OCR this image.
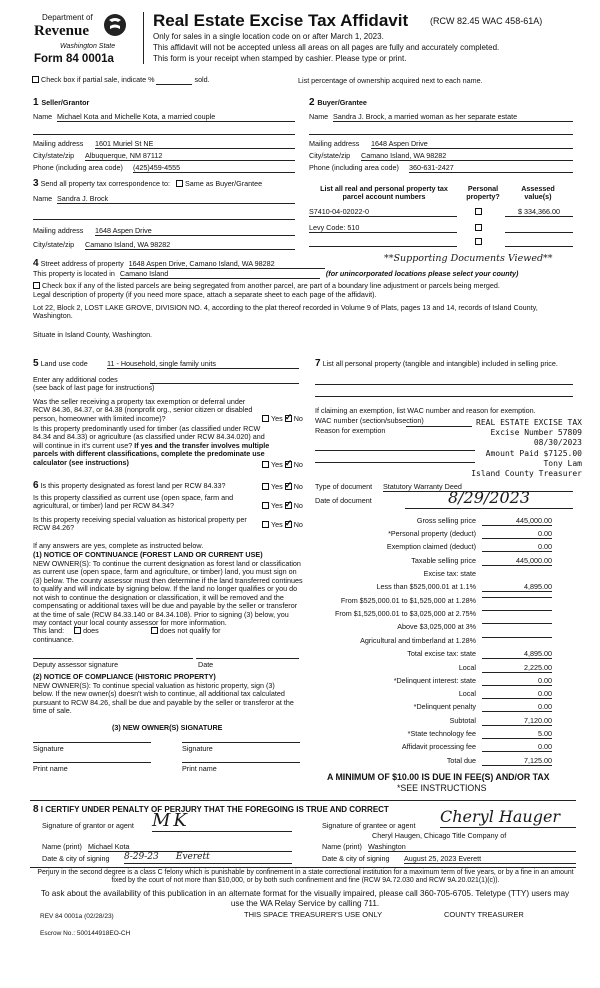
Department of
Revenue
Washington State
Form 84 0001a
Real Estate Excise Tax Affidavit (RCW 82.45 WAC 458-61A)
Only for sales in a single location code on or after March 1, 2023.
This affidavit will not be accepted unless all areas on all pages are fully and accurately completed.
This form is your receipt when stamped by cashier. Please type or print.
Check box if partial sale, indicate %	sold.	List percentage of ownership acquired next to each name.
1 Seller/Grantor
Name Michael Kota and Michelle Kota, a married couple
Mailing address 1601 Muriel St NE
City/state/zip Albuquerque, NM 87112
Phone (including area code) (425)459-4555
2 Buyer/Grantee
Name Sandra J. Brock, a married woman as her separate estate
Mailing address 1648 Aspen Drive
City/state/zip Camano Island, WA 98282
Phone (including area code) 360-631-2427
3 Send all property tax correspondence to: Same as Buyer/Grantee
Name Sandra J. Brock
Mailing address 1648 Aspen Drive
City/state/zip Camano Island, WA 98282
List all real and personal property tax parcel account numbers
Personal property?
Assessed value(s)
S7410-04-02022-0	$ 334,366.00
Levy Code: 510

**Supporting Documents Viewed**
4 Street address of property 1648 Aspen Drive, Camano Island, WA 98282
This property is located in Camano Island	(for unincorporated locations please select your county)
Check box if any of the listed parcels are being segregated from another parcel, are part of a boundary line adjustment or parcels being merged.
Legal description of property (if you need more space, attach a separate sheet to each page of the affidavit).
Lot 22, Block 2, LOST LAKE GROVE, DIVISION NO. 4, according to the plat thereof recorded in Volume 9 of Plats, pages 13 and 14, records of Island County, Washington.
Situate in Island County, Washington.
5 Land use code	11 - Household, single family units
Enter any additional codes
(see back of last page for instructions)
Was the seller receiving a property tax exemption or deferral under RCW 84.36, 84.37, or 84.38 (nonprofit org., senior citizen or disabled person, homeowner with limited income)?	Yes ✓ No
Is this property predominantly used for timber (as classified under RCW 84.34 and 84.33) or agriculture (as classified under RCW 84.34.020) and will continue in it's current use? If yes and the transfer involves multiple parcels with different classifications, complete the predominate use calculator (see instructions)	Yes ✓ No
6 Is this property designated as forest land per RCW 84.33?	Yes ✓ No
Is this property classified as current use (open space, farm and agricultural, or timber) land per RCW 84.34?	Yes ✓ No
Is this property receiving special valuation as historical property per RCW 84.26?	Yes ✓ No
If any answers are yes, complete as instructed below.
(1) NOTICE OF CONTINUANCE (FOREST LAND OR CURRENT USE)
NEW OWNER(S): To continue the current designation as forest land or classification as current use (open space, farm and agriculture, or timber) land, you must sign on (3) below. The county assessor must then determine if the land transferred continues to qualify and will indicate by signing below. If the land no longer qualifies or you do not wish to continue the designation or classification, it will be removed and the compensating or additional taxes will be due and payable by the seller or transferor at the time of sale (RCW 84.33.140 or 84.34.108). Prior to signing (3) below, you may contact your local county assessor for more information.
This land:	does	does not qualify for
continuance.
Deputy assessor signature	Date
(2) NOTICE OF COMPLIANCE (HISTORIC PROPERTY)
NEW OWNER(S): To continue special valuation as historic property, sign (3) below. If the new owner(s) doesn't wish to continue, all additional tax calculated pursuant to RCW 84.26, shall be due and payable by the seller or transferor at the time of sale.
(3) NEW OWNER(S) SIGNATURE
Signature	Signature
Print name	Print name
7 List all personal property (tangible and intangible) included in selling price.
If claiming an exemption, list WAC number and reason for exemption.
WAC number (section/subsection)
Reason for exemption
REAL ESTATE EXCISE TAX
Excise Number 57809
08/30/2023
Amount Paid $7125.00
Tony Lam
Island County Treasurer
Type of document Statutory Warranty Deed
Date of document	8/29/2023
Gross selling price	445,000.00
*Personal property (deduct)	0.00
Exemption claimed (deduct)	0.00
Taxable selling price	445,000.00
Excise tax: state
Less than $525,000.01 at 1.1%	4,895.00
From $525,000.01 to $1,525,000 at 1.28%
From $1,525,000.01 to $3,025,000 at 2.75%
Above $3,025,000 at 3%
Agricultural and timberland at 1.28%
Total excise tax: state	4,895.00
Local	2,225.00
*Delinquent interest: state	0.00
Local	0.00
*Delinquent penalty	0.00
Subtotal	7,120.00
*State technology fee	5.00
Affidavit processing fee	0.00
Total due	7,125.00
A MINIMUM OF $10.00 IS DUE IN FEE(S) AND/OR TAX
*SEE INSTRUCTIONS
8 I CERTIFY UNDER PENALTY OF PERJURY THAT THE FOREGOING IS TRUE AND CORRECT
Signature of grantor or agent MK	Signature of grantee or agent Cheryl Hauger
Cheryl Haugen, Chicago Title Company of
Name (print) Michael Kota	Name (print) Washington
Date & city of signing 8-29-23 Everett	Date & city of signing August 25, 2023 Everett
Perjury in the second degree is a class C felony which is punishable by confinement in a state correctional institution for a maximum term of five years, or by a fine in an amount fixed by the court of not more than $10,000, or by both such confinement and fine (RCW 9A.72.030 and RCW 9A.20.021(1)(c)).
To ask about the availability of this publication in an alternate format for the visually impaired, please call 360-705-6705. Teletype (TTY) users may use the WA Relay Service by calling 711.
REV 84 0001a (02/28/23)	THIS SPACE TREASURER'S USE ONLY	COUNTY TREASURER
Escrow No.: 500144918EO-CH
